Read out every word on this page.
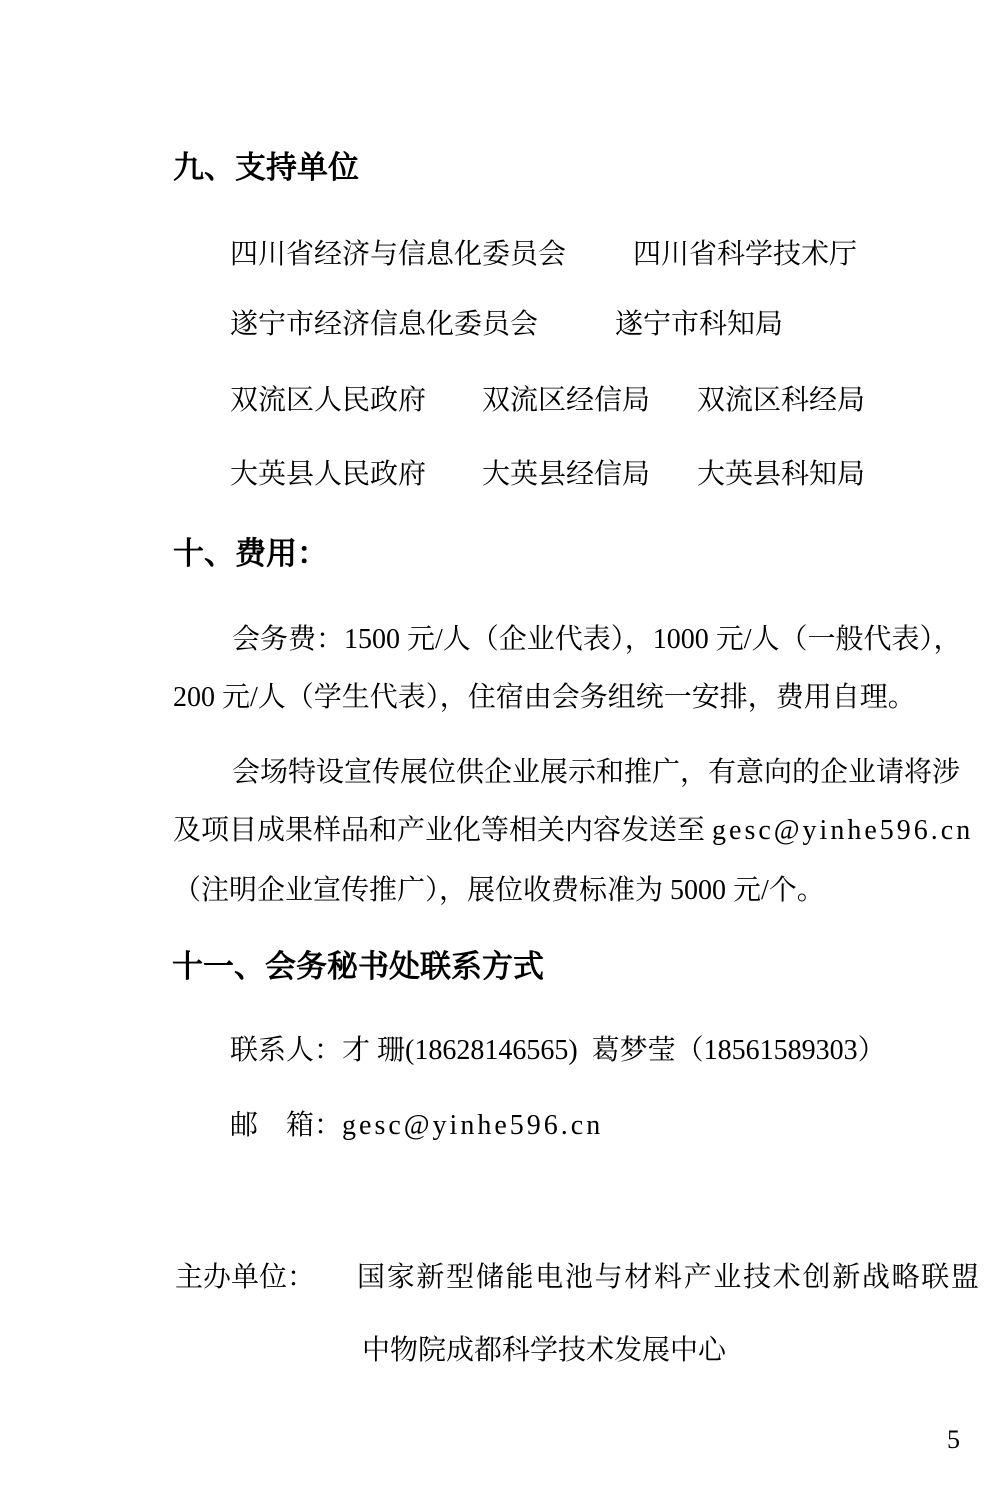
九、支持单位
四川省经济与信息化委员会 四川省科学技术厅
遂宁市经济信息化委员会	遂宁市科知局
双流区人民政府 双流区经信局 双流区科经局
大英县人民政府 大英县经信局 大英县科知局
十、费用：
会务费：1500 元/人（企业代表），1000 元/人（一般代表），
200 元/人（学生代表），住宿由会务组统一安排，费用自理。
会场特设宣传展位供企业展示和推广，有意向的企业请将涉
及项目成果样品和产业化等相关内容发送至 gesc@yinhe596.cn
（注明企业宣传推广），展位收费标准为 5000 元/个。
十一、会务秘书处联系方式
联系人：才 珊(18628146565)  葛梦莹（18561589303）
邮　箱：gesc@yinhe596.cn
主办单位： 国家新型储能电池与材料产业技术创新战略联盟
中物院成都科学技术发展中心
5
